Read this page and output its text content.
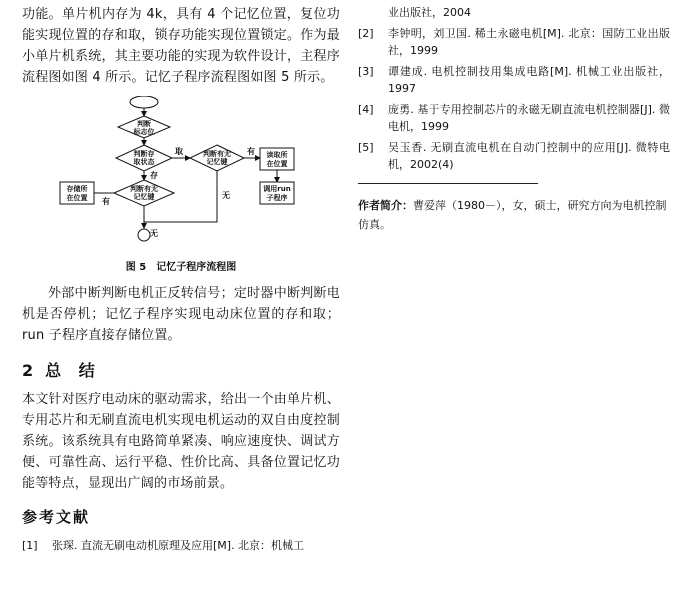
功能。单片机内存为 4k，具有 4 个记忆位置，复位功能实现位置的存和取，锁存功能实现位置锁定。作为最小单片机系统，其主要功能的实现为软件设计，主程序流程图如图 4 所示。记忆子程序流程图如图 5 所示。

判断
标志位
判断存
取状态
取	判断有无
记忆键
有 读取所
在位置
调用run
子程序
无
存
判断有无
记忆键
有
存储所
在位置
无
图 5　记忆子程序流程图

外部中断判断电机正反转信号；定时器中断判断电机是否停机；记忆子程序实现电动床位置的存和取；run 子程序直接存储位置。

2 总 结

本文针对医疗电动床的驱动需求，给出一个由单片机、专用芯片和无刷直流电机实现电机运动的双自由度控制系统。该系统具有电路简单紧凑、响应速度快、调试方便、可靠性高、运行平稳、性价比高、具备位置记忆功能等特点，显现出广阔的市场前景。

参考文献
[1]	张琛. 直流无刷电动机原理及应用[M]. 北京：机械工
业出版社，2004
[2]	李钟明，刘卫国. 稀土永磁电机[M]. 北京：国防工业出版社，1999
[3]	谭建成. 电机控制技用集成电路[M]. 机械工业出版社，1997
[4]	庞勇. 基于专用控制芯片的永磁无刷直流电机控制器[J]. 微电机，1999
[5]	吴玉香. 无刷直流电机在自动门控制中的应用[J]. 微特电机，2002(4)

作者简介：曹爱萍（1980－），女，硕士，研究方向为电机控制仿真。
